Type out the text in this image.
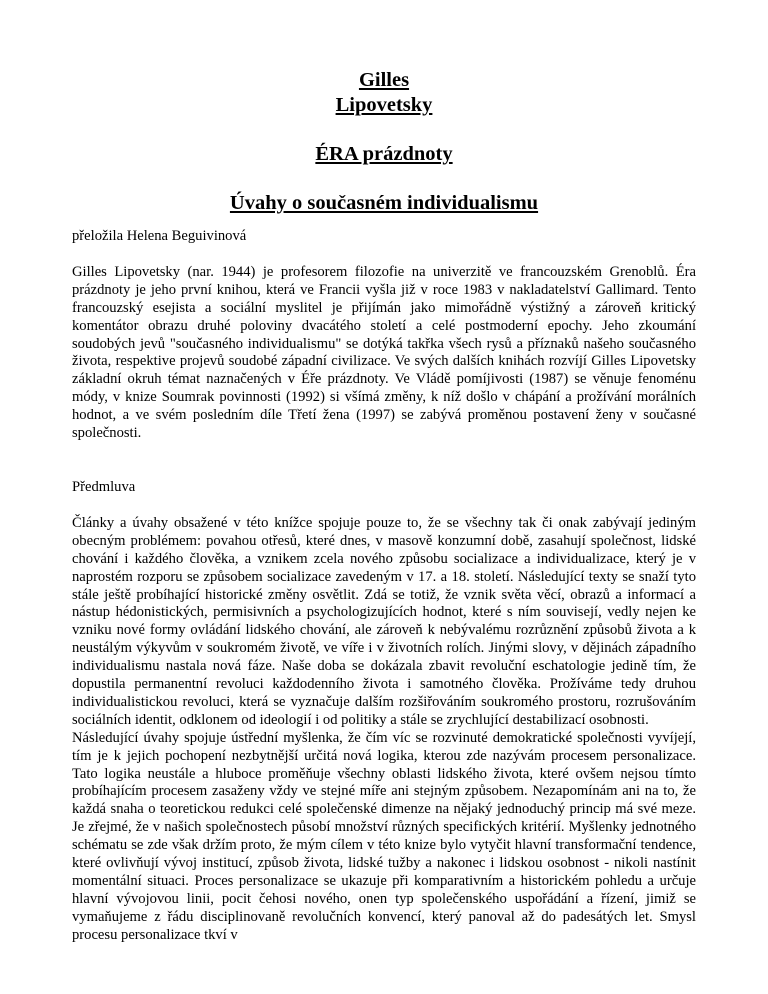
Gilles
Lipovetsky
ÉRA prázdnoty
Úvahy o současném individualismu

přeložila Helena Beguivinová

Gilles Lipovetsky (nar. 1944) je profesorem filozofie na univerzitě ve francouzském Grenoblů. Éra prázdnoty je jeho první knihou, která ve Francii vyšla již v roce 1983 v nakladatelství Gallimard. Tento francouzský esejista a sociální myslitel je přijímán jako mimořádně výstižný a zároveň kritický komentátor obrazu druhé poloviny dvacátého století a celé postmoderní epochy. Jeho zkoumání soudobých jevů "současného individualismu" se dotýká takřka všech rysů a příznaků našeho současného života, respektive projevů soudobé západní civilizace. Ve svých dalších knihách rozvíjí Gilles Lipovetsky základní okruh témat naznačených v Éře prázdnoty. Ve Vládě pomíjivosti (1987) se věnuje fenoménu módy, v knize Soumrak povinnosti (1992) si všímá změny, k níž došlo v chápání a prožívání morálních hodnot, a ve svém posledním díle Třetí žena (1997) se zabývá proměnou postavení ženy v současné společnosti.

Předmluva

Články a úvahy obsažené v této knížce spojuje pouze to, že se všechny tak či onak zabývají jediným obecným problémem: povahou otřesů, které dnes, v masově konzumní době, zasahují společnost, lidské chování i každého člověka, a vznikem zcela nového způsobu socializace a individualizace, který je v naprostém rozporu se způsobem socializace zavedeným v 17. a 18. století. Následující texty se snaží tyto stále ještě probíhající historické změny osvětlit. Zdá se totiž, že vznik světa věcí, obrazů a informací a nástup hédonistických, permisivních a psychologizujících hodnot, které s ním souvisejí, vedly nejen ke vzniku nové formy ovládání lidského chování, ale zároveň k nebývalému rozrůznění způsobů života a k neustálým výkyvům v soukromém životě, ve víře i v životních rolích. Jinými slovy, v dějinách západního individualismu nastala nová fáze. Naše doba se dokázala zbavit revoluční eschatologie jedině tím, že dopustila permanentní revoluci každodenního života i samotného člověka. Prožíváme tedy druhou individualistickou revoluci, která se vyznačuje dalším rozšiřováním soukromého prostoru, rozrušováním sociálních identit, odklonem od ideologií i od politiky a stále se zrychlující destabilizací osobnosti.

Následující úvahy spojuje ústřední myšlenka, že čím víc se rozvinuté demokratické společnosti vyvíjejí, tím je k jejich pochopení nezbytnější určitá nová logika, kterou zde nazývám procesem personalizace. Tato logika neustále a hluboce proměňuje všechny oblasti lidského života, které ovšem nejsou tímto probíhajícím procesem zasaženy vždy ve stejné míře ani stejným způsobem. Nezapomínám ani na to, že každá snaha o teoretickou redukci celé společenské dimenze na nějaký jednoduchý princip má své meze. Je zřejmé, že v našich společnostech působí množství různých specifických kritérií. Myšlenky jednotného schématu se zde však držím proto, že mým cílem v této knize bylo vytyčit hlavní transformační tendence, které ovlivňují vývoj institucí, způsob života, lidské tužby a nakonec i lidskou osobnost - nikoli nastínit momentální situaci. Proces personalizace se ukazuje při komparativním a historickém pohledu a určuje hlavní vývojovou linii, pocit čehosi nového, onen typ společenského uspořádání a řízení, jimiž se vymaňujeme z řádu disciplinovaně revolučních konvencí, který panoval až do padesátých let. Smysl procesu personalizace tkví v
